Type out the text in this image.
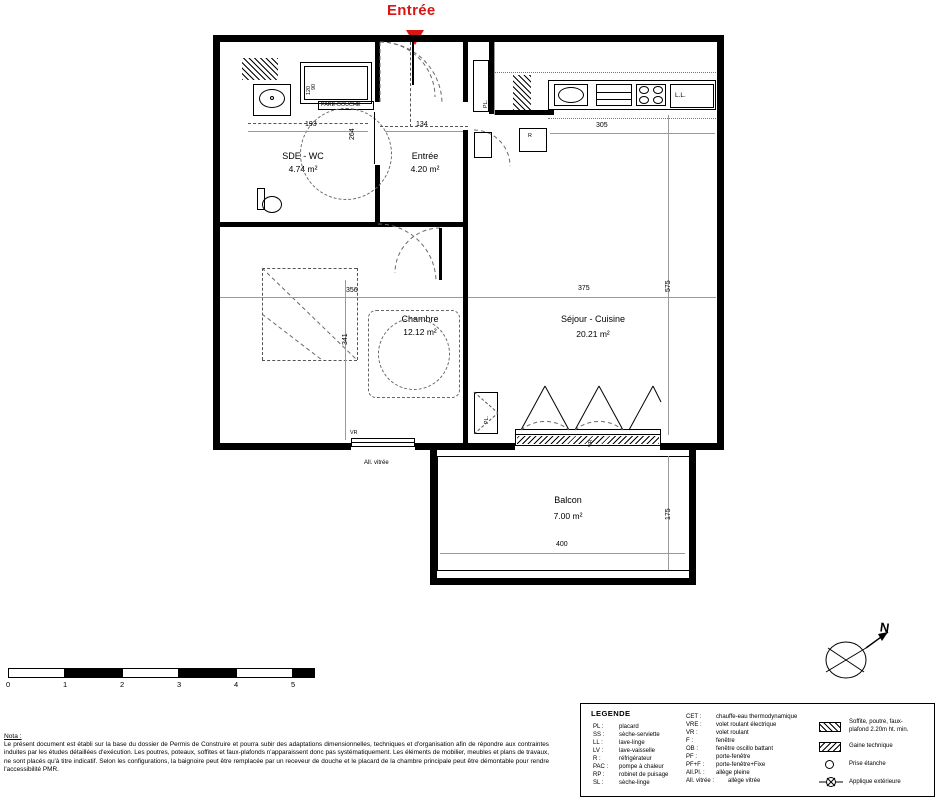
Entrée
SDE - WC
4.74 m²
90
120
PARE-DOUCHE
Entrée
4.20 m²
PL.
L.L.
R
Chambre
12.12 m²
VR
All. vitrée
Séjour - Cuisine
20.21 m²
PL.
VR
Balcon
7.00 m²
193
264
134	305
356
341
375	575
400
175
0	1	2	3	4	5
Nota :
Le présent document est établi sur la base du dossier de Permis de Construire et pourra subir des adaptations dimensionnelles, techniques et d'organisation afin de répondre aux contraintes induites par les études détaillées d'exécution. Les poutres, poteaux, soffites et faux-plafonds n'apparaissent donc pas systématiquement. Les éléments de mobilier, meubles et plans de travaux, ne sont placés qu'à titre indicatif. Selon les configurations, la baignoire peut être remplacée par un receveur de douche et le placard de la chambre principale peut être démontable pour rendre l'accessibilité PMR.
LEGENDE
PL :	placard
SS : sèche-serviette
LL :	lave-linge
LV :	lave-vaisselle
R :	réfrigérateur
PAC : pompe à chaleur
RP : robinet de puisage
SL :	sèche-linge
CET : chauffe-eau thermodynamique
VRE : volet roulant électrique
VR :	volet roulant
F :	fenêtre
OB :	fenêtre oscillo battant
PF :	porte-fenêtre
PF+F : porte-fenêtre+Fixe
All.Pl. : allège pleine
All. vitrée : allège vitrée
Soffite, poutre, faux-
plafond 2.20m ht. min.
Gaine technique
Prise étanche
Applique extérieure
N
